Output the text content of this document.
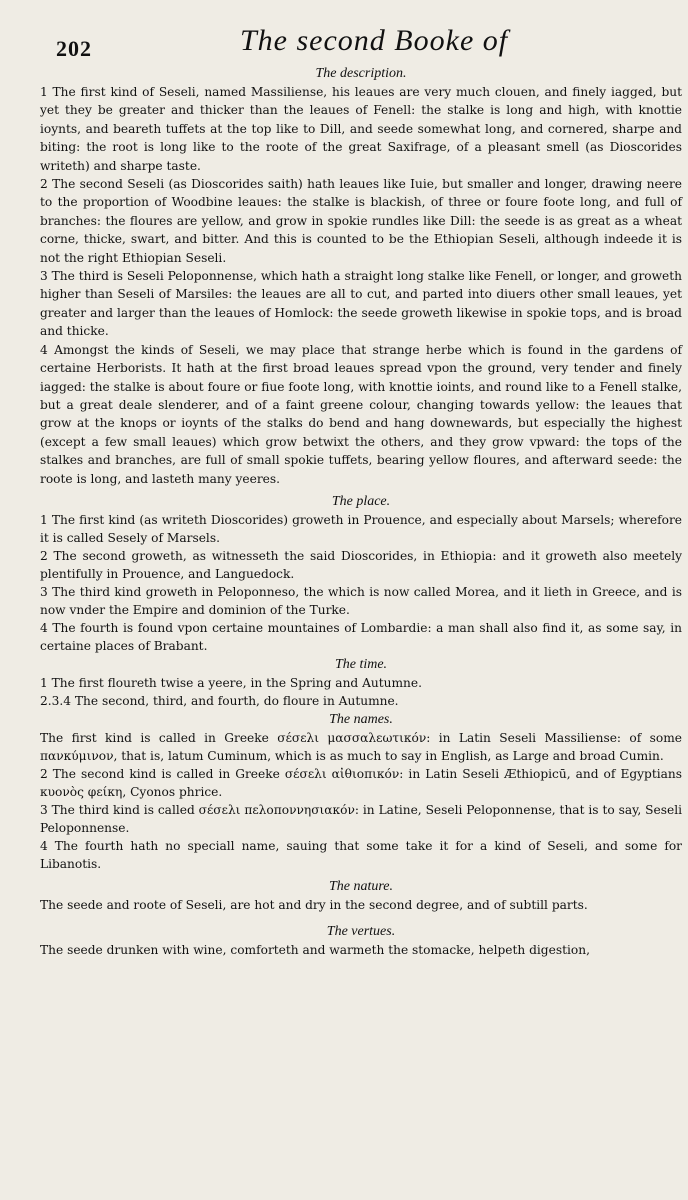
202	The second Booke of
The description.

1 The first kind of Seseli, named Massiliense, his leaues are very much clouen, and finely iagged, but yet they be greater and thicker than the leaues of Fenell: the stalke is long and high, with knottie ioynts, and beareth tuffets at the top like to Dill, and seede somewhat long, and cornered, sharpe and biting: the root is long like to the roote of the great Saxifrage, of a pleasant smell (as Dioscorides writeth) and sharpe taste.

2 The second Seseli (as Dioscorides saith) hath leaues like Iuie, but smaller and longer, drawing neere to the proportion of Woodbine leaues: the stalke is blackish, of three or foure foote long, and full of branches: the floures are yellow, and grow in spokie rundles like Dill: the seede is as great as a wheat corne, thicke, swart, and bitter. And this is counted to be the Ethiopian Seseli, although indeede it is not the right Ethiopian Seseli.

3 The third is Seseli Peloponnense, which hath a straight long stalke like Fenell, or longer, and groweth higher than Seseli of Marsiles: the leaues are all to cut, and parted into diuers other small leaues, yet greater and larger than the leaues of Homlock: the seede groweth likewise in spokie tops, and is broad and thicke.

4 Amongst the kinds of Seseli, we may place that strange herbe which is found in the gardens of certaine Herborists. It hath at the first broad leaues spread vpon the ground, very tender and finely iagged: the stalke is about foure or fiue foote long, with knottie ioints, and round like to a Fenell stalke, but a great deale slenderer, and of a faint greene colour, changing towards yellow: the leaues that grow at the knops or ioynts of the stalks do bend and hang downewards, but especially the highest (except a few small leaues) which grow betwixt the others, and they grow vpward: the tops of the stalkes and branches, are full of small spokie tuffets, bearing yellow floures, and afterward seede: the roote is long, and lasteth many yeeres.

The place.

1 The first kind (as writeth Dioscorides) groweth in Prouence, and especially about Marsels; wherefore it is called Sesely of Marsels.

2 The second groweth, as witnesseth the said Dioscorides, in Ethiopia: and it groweth also meetely plentifully in Prouence, and Languedock.

3 The third kind groweth in Peloponneso, the which is now called Morea, and it lieth in Greece, and is now vnder the Empire and dominion of the Turke.

4 The fourth is found vpon certaine mountaines of Lombardie: a man shall also find it, as some say, in certaine places of Brabant.

The time.

1 The first floureth twise a yeere, in the Spring and Autumne.

2.3.4 The second, third, and fourth, do floure in Autumne.

The names.

The first kind is called in Greeke σέσελι μασσαλεωτικόν: in Latin Seseli Massiliense: of some πανκύμινον, that is, latum Cuminum, which is as much to say in English, as Large and broad Cumin.

2 The second kind is called in Greeke σέσελι αἰθιοπικόν: in Latin Seseli Æthiopicū, and of Egyptians κυονὸς φείκη, Cyonos phrice.

3 The third kind is called σέσελι πελοποννησιακόν: in Latine, Seseli Peloponnense, that is to say, Seseli Peloponnense.

4 The fourth hath no speciall name, sauing that some take it for a kind of Seseli, and some for Libanotis.

The nature.

The seede and roote of Seseli, are hot and dry in the second degree, and of subtill parts.

The vertues.

The seede drunken with wine, comforteth and warmeth the stomacke, helpeth digestion,
